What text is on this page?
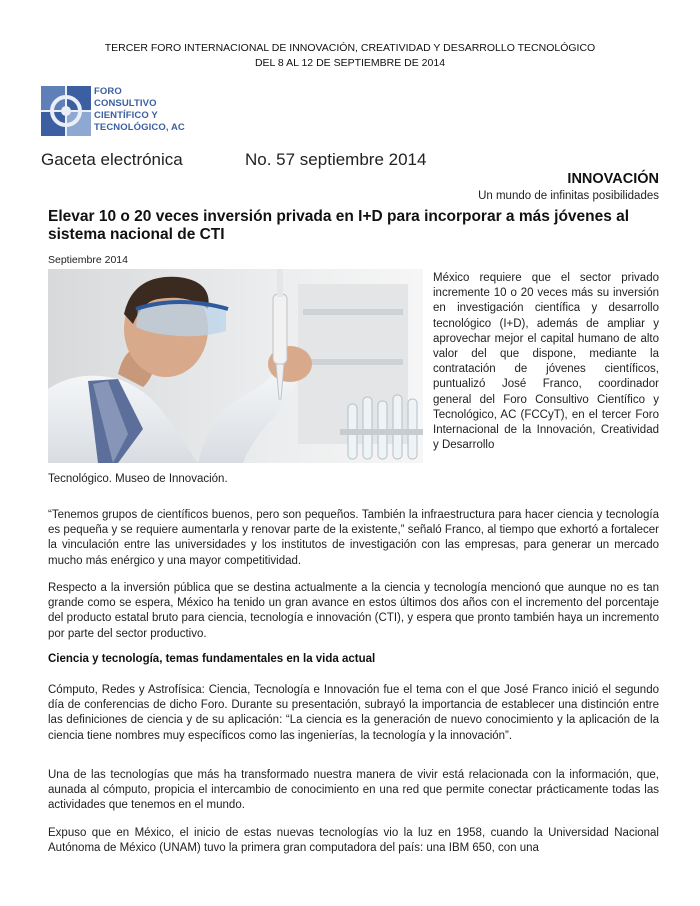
TERCER FORO INTERNACIONAL DE INNOVACIÓN, CREATIVIDAD Y DESARROLLO TECNOLÓGICO
DEL 8 AL 12 DE SEPTIEMBRE DE 2014
FORO
CONSULTIVO
CIENTÍFICO Y
TECNOLÓGICO, AC
Gaceta electrónica	No. 57 septiembre 2014
INNOVACIÓN
Un mundo de infinitas posibilidades
Elevar 10 o 20 veces inversión privada en I+D para incorporar a más jóvenes al sistema nacional de CTI
Septiembre 2014
México requiere que el sector privado incremente 10 o 20 veces más su inversión en investigación científica y desarrollo tecnológico (I+D), además de ampliar y aprovechar mejor el capital humano de alto valor del que dispone, mediante la contratación de jóvenes científicos, puntualizó José Franco, coordinador general del Foro Consultivo Científico y Tecnológico, AC (FCCyT), en el tercer Foro Internacional de la Innovación, Creatividad y Desarrollo
Tecnológico. Museo de Innovación.
“Tenemos grupos de científicos buenos, pero son pequeños. También la infraestructura para hacer ciencia y tecnología es pequeña y se requiere aumentarla y renovar parte de la existente,” señaló Franco, al tiempo que exhortó a fortalecer la vinculación entre las universidades y los institutos de investigación con las empresas, para generar un mercado mucho más enérgico y una mayor competitividad.
Respecto a la inversión pública que se destina actualmente a la ciencia y tecnología mencionó que aunque no es tan grande como se espera, México ha tenido un gran avance en estos últimos dos años con el incremento del porcentaje del producto estatal bruto para ciencia, tecnología e innovación (CTI), y espera que pronto también haya un incremento por parte del sector productivo.
Ciencia y tecnología, temas fundamentales en la vida actual
Cómputo, Redes y Astrofísica: Ciencia, Tecnología e Innovación fue el tema con el que José Franco inició el segundo día de conferencias de dicho Foro. Durante su presentación, subrayó la importancia de establecer una distinción entre las definiciones de ciencia y de su aplicación: “La ciencia es la generación de nuevo conocimiento y la aplicación de la ciencia tiene nombres muy específicos como las ingenierías, la tecnología y la innovación”.
Una de las tecnologías que más ha transformado nuestra manera de vivir está relacionada con la información, que, aunada al cómputo, propicia el intercambio de conocimiento en una red que permite conectar prácticamente todas las actividades que tenemos en el mundo.
Expuso que en México, el inicio de estas nuevas tecnologías vio la luz en 1958, cuando la Universidad Nacional Autónoma de México (UNAM) tuvo la primera gran computadora del país: una IBM 650, con una
